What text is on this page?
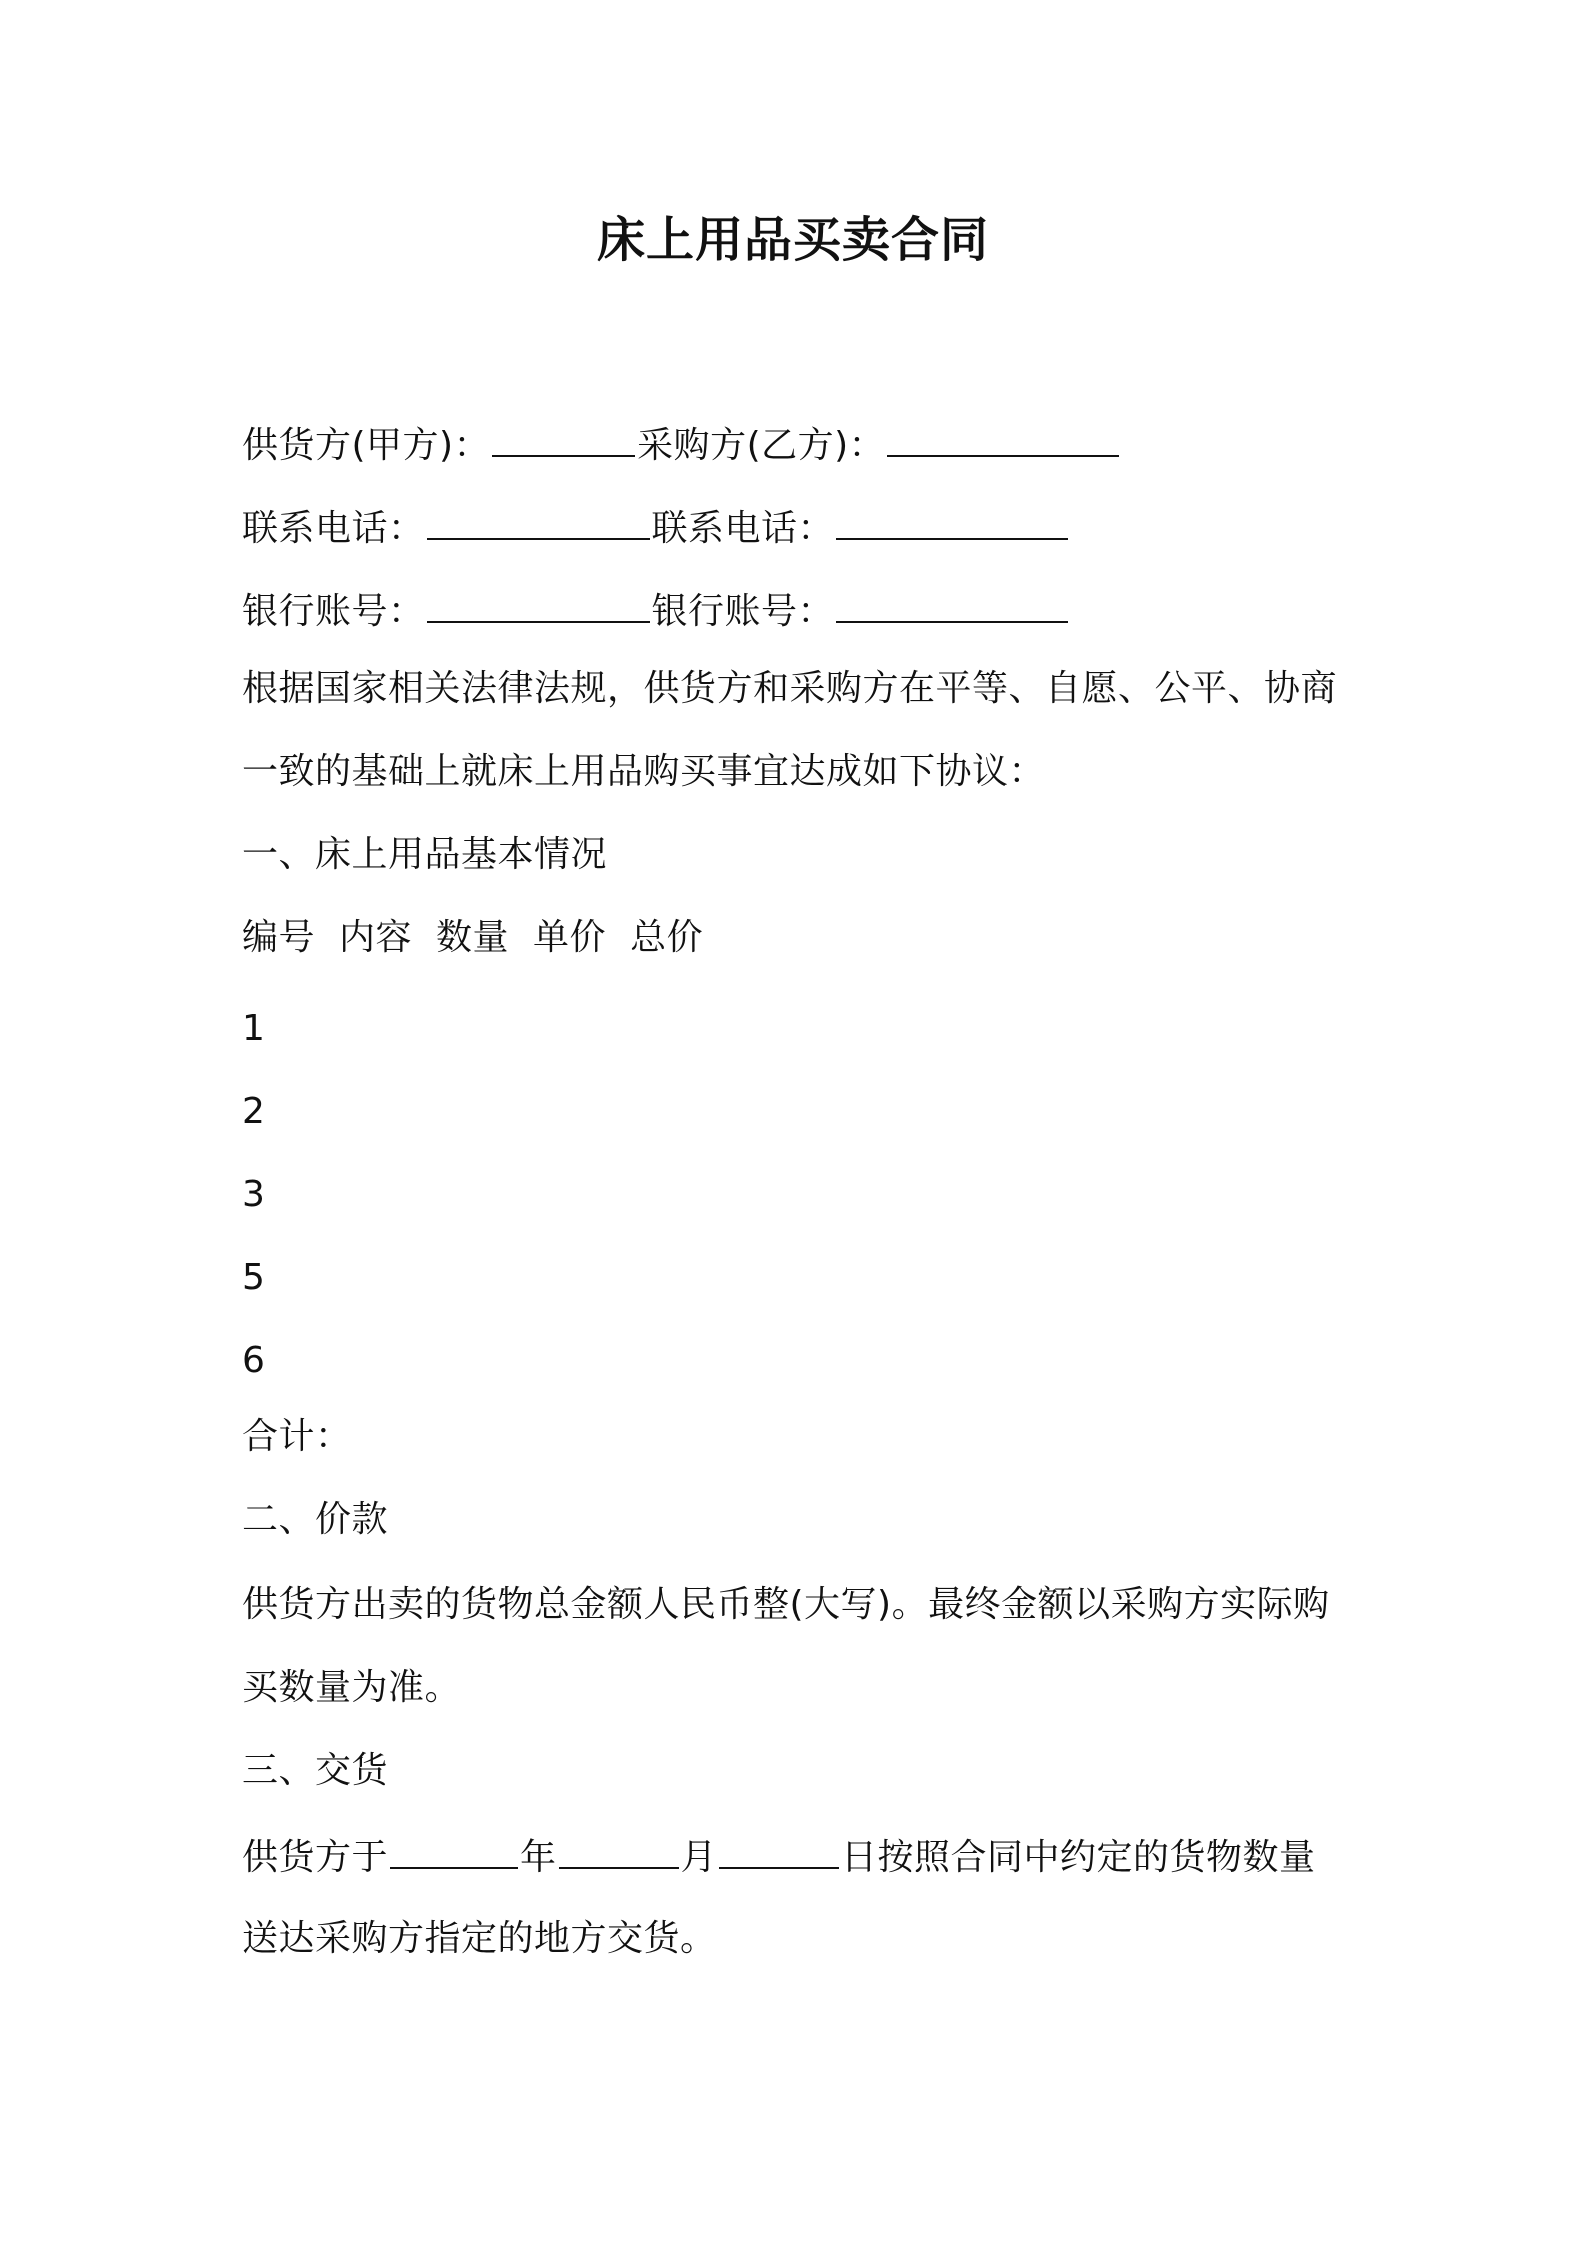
床上用品买卖合同
供货方(甲方)：	采购方(乙方)：
联系电话：	联系电话：
银行账号：	银行账号：
根据国家相关法律法规，供货方和采购方在平等、自愿、公平、协商
一致的基础上就床上用品购买事宜达成如下协议：
一、床上用品基本情况
编号 内容 数量 单价 总价
1
2
3
5
6
合计：
二、价款
供货方出卖的货物总金额人民币整(大写)。最终金额以采购方实际购
买数量为准。
三、交货
供货方于	年	月	日按照合同中约定的货物数量
送达采购方指定的地方交货。
